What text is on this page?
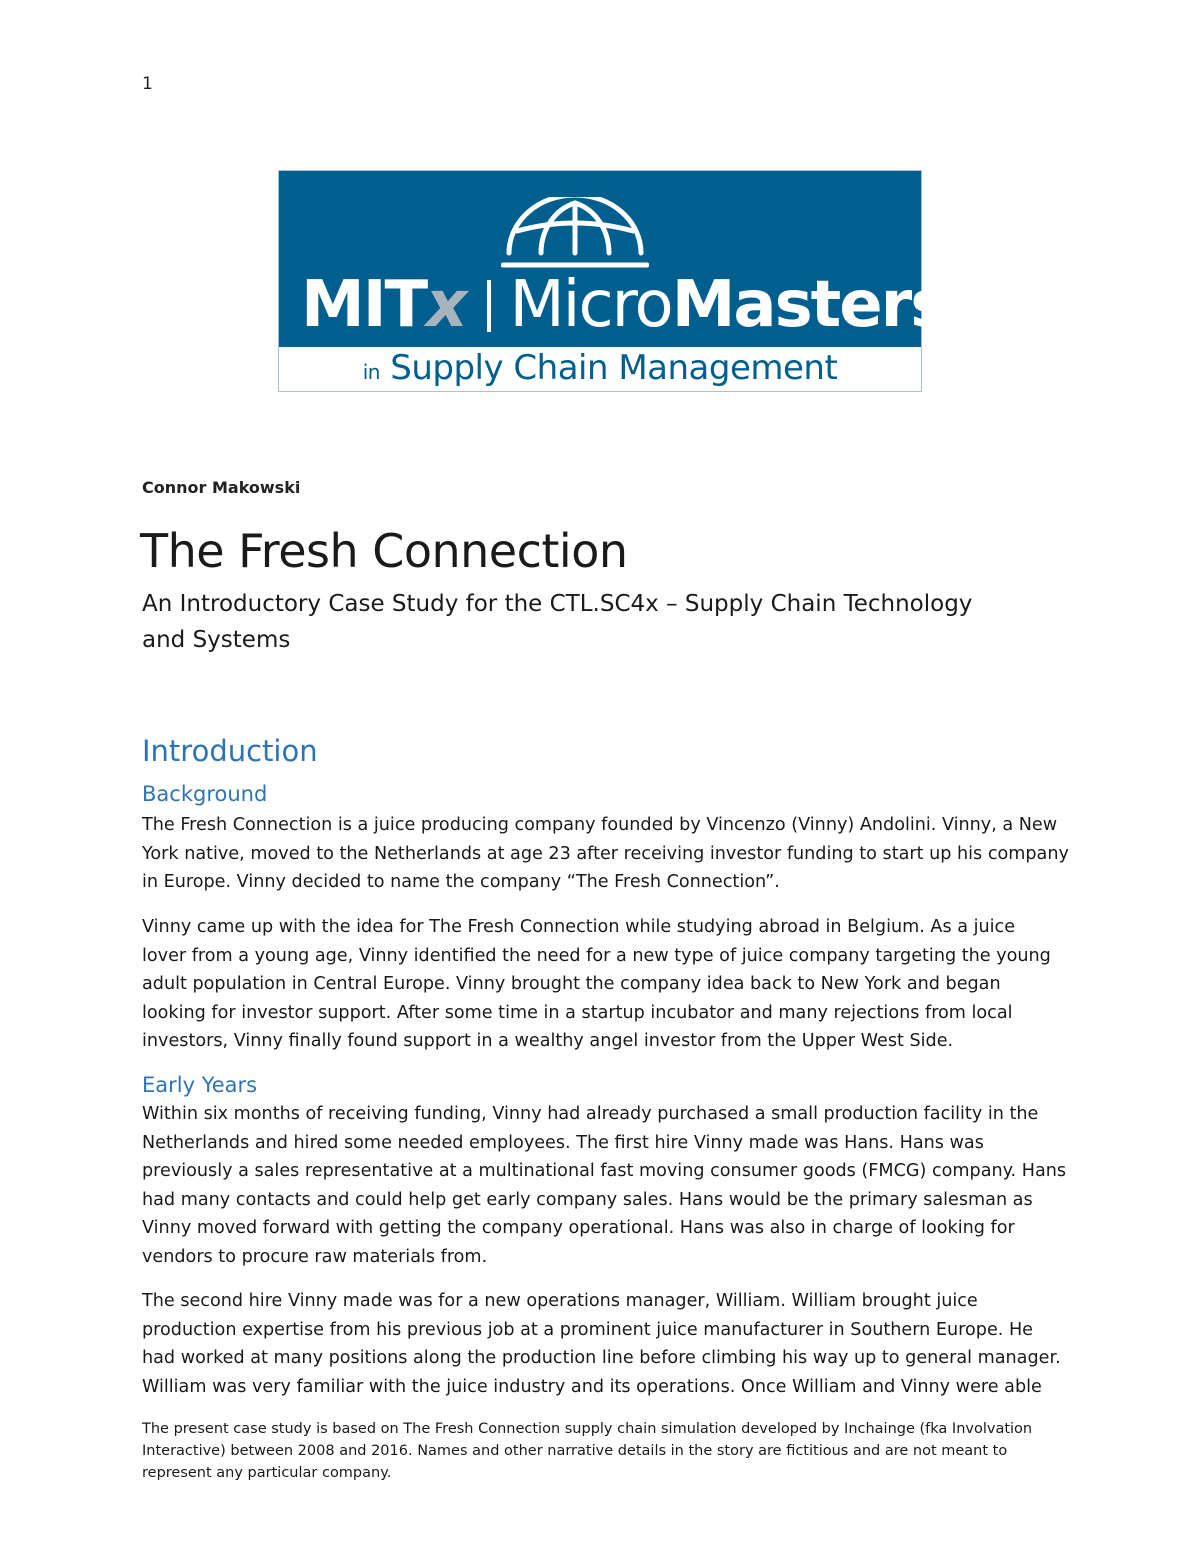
1
MITx MicroMasters™
in Supply Chain Management
Connor Makowski
The Fresh Connection
An Introductory Case Study for the CTL.SC4x – Supply Chain Technology and Systems
Introduction
Background
The Fresh Connection is a juice producing company founded by Vincenzo (Vinny) Andolini. Vinny, a New
York native, moved to the Netherlands at age 23 after receiving investor funding to start up his company
in Europe. Vinny decided to name the company “The Fresh Connection”.
Vinny came up with the idea for The Fresh Connection while studying abroad in Belgium. As a juice
lover from a young age, Vinny identified the need for a new type of juice company targeting the young
adult population in Central Europe. Vinny brought the company idea back to New York and began
looking for investor support. After some time in a startup incubator and many rejections from local
investors, Vinny finally found support in a wealthy angel investor from the Upper West Side.
Early Years
Within six months of receiving funding, Vinny had already purchased a small production facility in the
Netherlands and hired some needed employees. The first hire Vinny made was Hans. Hans was
previously a sales representative at a multinational fast moving consumer goods (FMCG) company. Hans
had many contacts and could help get early company sales. Hans would be the primary salesman as
Vinny moved forward with getting the company operational. Hans was also in charge of looking for
vendors to procure raw materials from.
The second hire Vinny made was for a new operations manager, William. William brought juice
production expertise from his previous job at a prominent juice manufacturer in Southern Europe. He
had worked at many positions along the production line before climbing his way up to general manager.
William was very familiar with the juice industry and its operations. Once William and Vinny were able
The present case study is based on The Fresh Connection supply chain simulation developed by Inchainge (fka Involvation
Interactive) between 2008 and 2016. Names and other narrative details in the story are fictitious and are not meant to
represent any particular company.
